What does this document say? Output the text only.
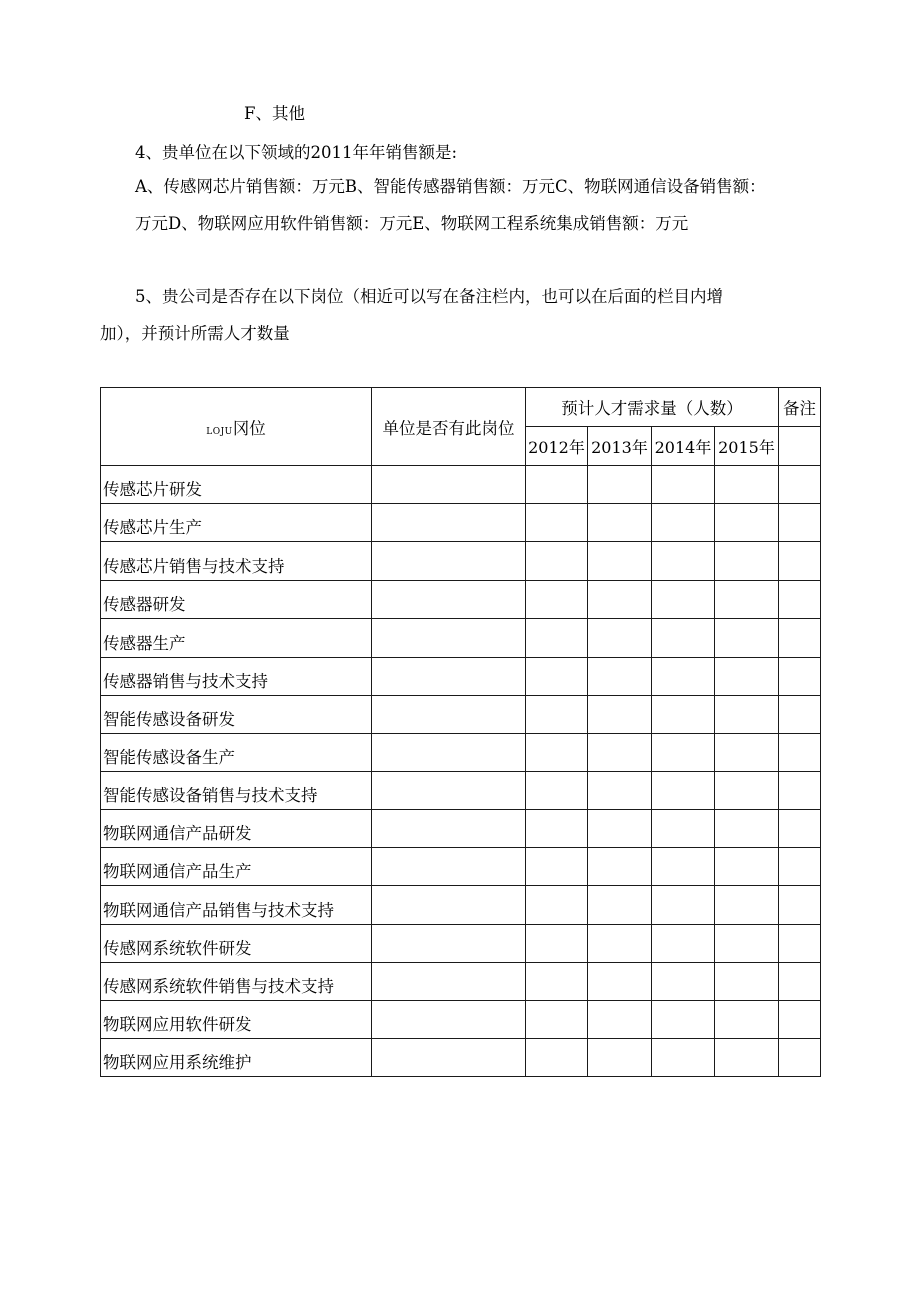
F、其他
4、贵单位在以下领域的2011年年销售额是:
A、传感网芯片销售额：万元B、智能传感器销售额：万元C、物联网通信设备销售额：
万元D、物联网应用软件销售额：万元E、物联网工程系统集成销售额：万元
5、贵公司是否存在以下岗位（相近可以写在备注栏内，也可以在后面的栏目内增
加），并预计所需人才数量
LOJU冈位	单位是否有此岗位	预计人才需求量（人数）				备注
		2012年	2013年	2014年	2015年	
传感芯片研发						
传感芯片生产						
传感芯片销售与技术支持						
传感器研发						
传感器生产						
传感器销售与技术支持						
智能传感设备研发						
智能传感设备生产						
智能传感设备销售与技术支持						
物联网通信产品研发						
物联网通信产品生产						
物联网通信产品销售与技术支持						
传感网系统软件研发						
传感网系统软件销售与技术支持						
物联网应用软件研发						
物联网应用系统维护						
